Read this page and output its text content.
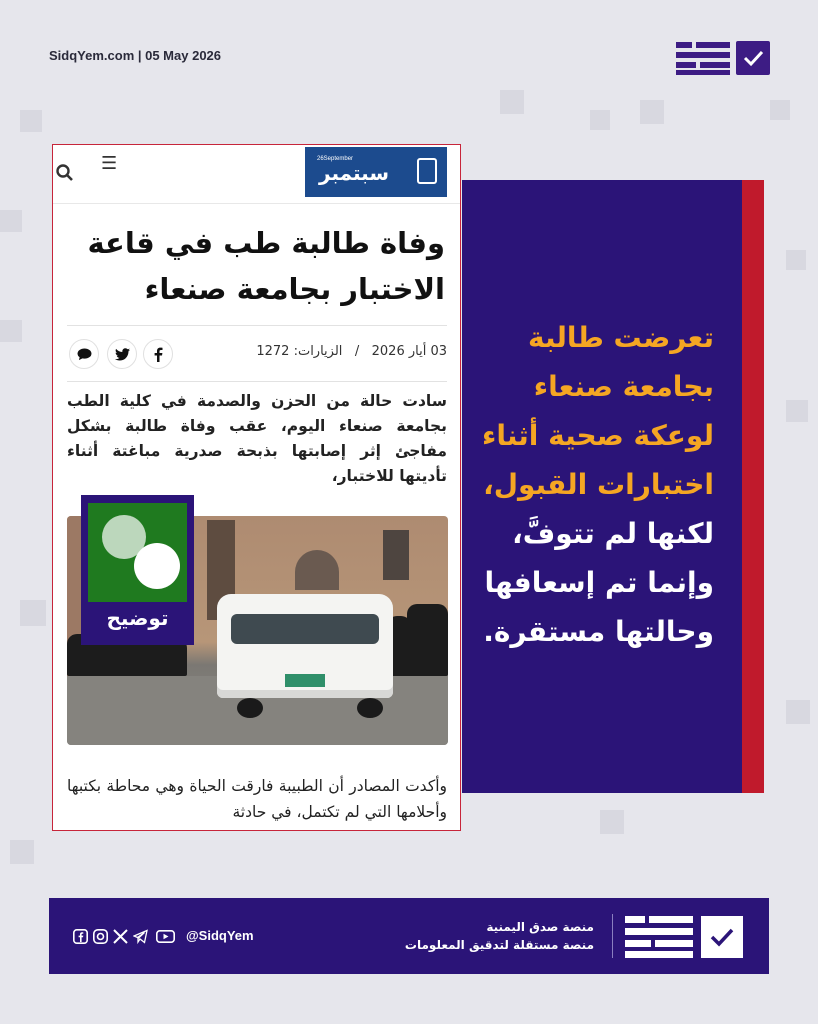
SidqYem.com | 05 May 2026
تعرضت طالبة
بجامعة صنعاء
لوعكة صحية أثناء
اختبارات القبول،
لكنها لم تتوفَّ،
وإنما تم إسعافها
وحالتها مستقرة.
26September
سبتمبر
☰
وفاة طالبة طب في قاعة الاختبار بجامعة صنعاء
03 أيار 2026   /   الزيارات: 1272
سادت حالة من الحزن والصدمة في كلية الطب بجامعة صنعاء اليوم، عقب وفاة طالبة بشكل مفاجئ إثر إصابتها بذبحة صدرية مباغتة أثناء تأديتها للاختبار،
وأكدت المصادر أن الطبيبة فارقت الحياة وهي محاطة بكتبها وأحلامها التي لم تكتمل، في حادثة
توضيح
@SidqYem
منصة صدق اليمنية
منصة مستقلة لتدقيق المعلومات
